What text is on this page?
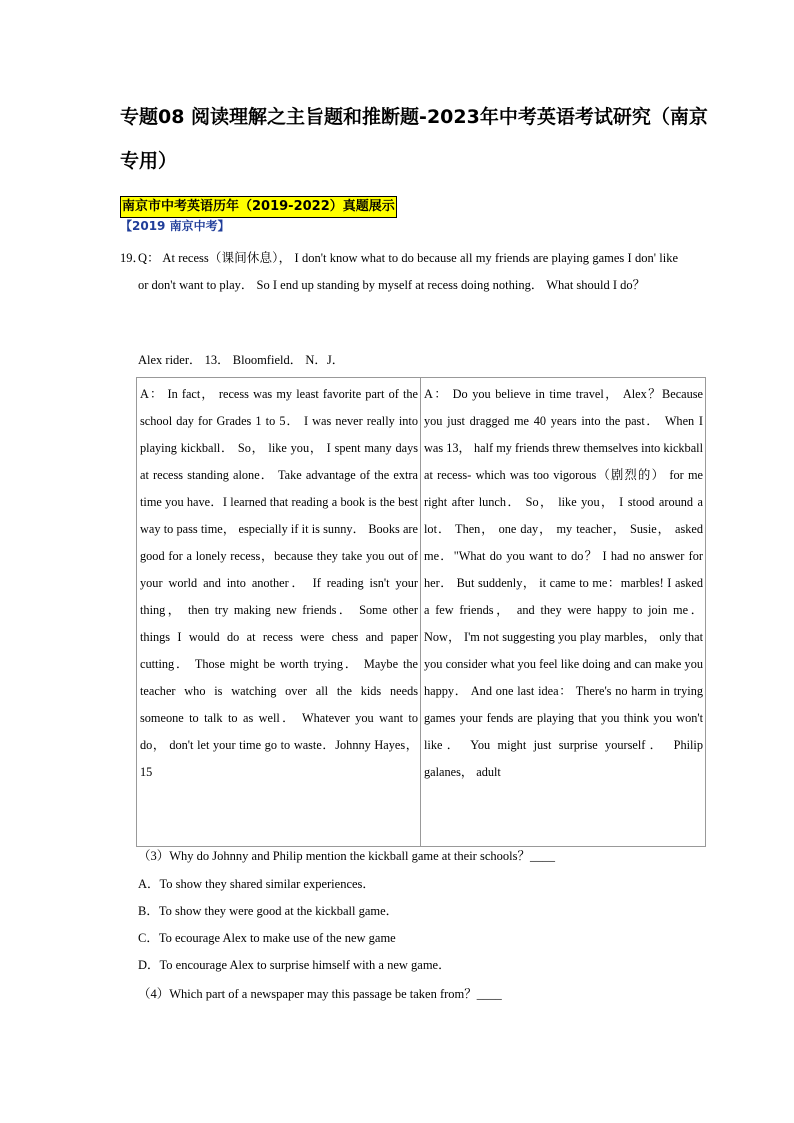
专题08 阅读理解之主旨题和推断题-2023年中考英语考试研究（南京专用）
南京市中考英语历年（2019-2022）真题展示
【2019 南京中考】
19．
Q： At recess（课间休息）， I don't know what to do because all my friends are playing games I don' like or don't want to play． So I end up standing by myself at recess doing nothing． What should I do？
Alex rider． 13． Bloomfield． N．J．
A： In fact， recess was my least favorite part of the school day for Grades 1 to 5． I was never really into playing kickball． So， like you， I spent many days at recess standing alone． Take advantage of the extra time you have．I learned that reading a book is the best way to pass time， especially if it is sunny． Books are good for a lonely recess，because they take you out of your world and into another． If reading isn't your thing， then try making new friends． Some other things I would do at recess were chess and paper cutting． Those might be worth trying． Maybe the teacher who is watching over all the kids needs someone to talk to as well． Whatever you want to do， don't let your time go to waste．Johnny Hayes， 15
A： Do you believe in time travel， Alex？Because you just dragged me 40 years into the past． When I was 13， half my friends threw themselves into kickball at recess- which was too vigorous（剧烈的） for me right after lunch． So， like you， I stood around a lot． Then， one day， my teacher， Susie， asked me．"What do you want to do？ I had no answer for her． But suddenly， it came to me：marbles! I asked a few friends， and they were happy to join me． Now， I'm not suggesting you play marbles， only that you consider what you feel like doing and can make you happy． And one last idea： There's no harm in trying games your fends are playing that you think you won't like． You might just surprise yourself． Philip galanes， adult
（3）Why do Johnny and Philip mention the kickball game at their schools？____
A．To show they shared similar experiences．
B．To show they were good at the kickball game．
C．To ecourage Alex to make use of the new game
D．To encourage Alex to surprise himself with a new game．
（4）Which part of a newspaper may this passage be taken from？____
